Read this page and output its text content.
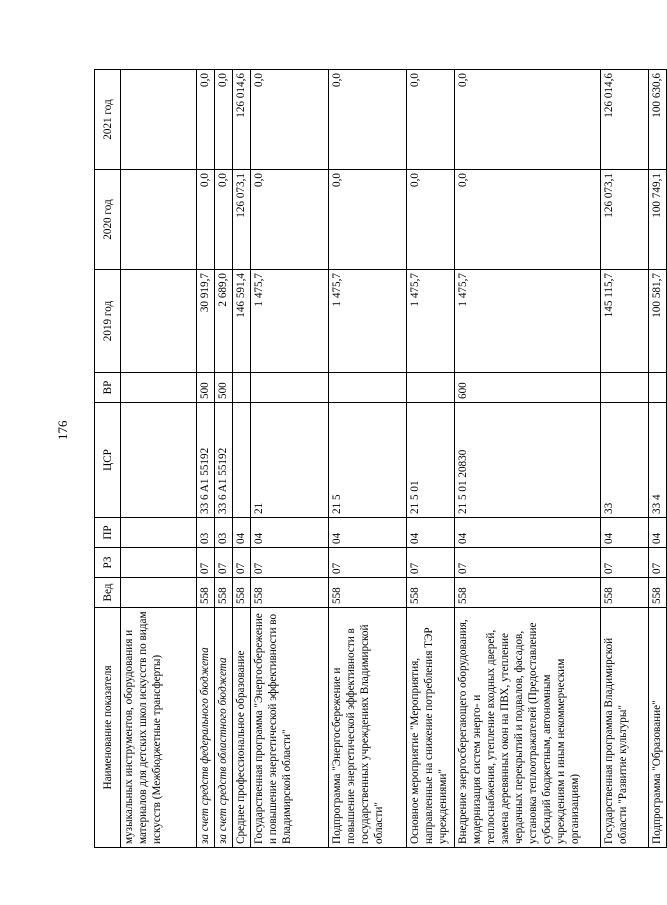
176
Наименование показателя	Вед	РЗ	ПР	ЦСР	ВР	2019 год	2020 год	2021 год
музыкальных инструментов, оборудования и материалов для детских школ искусств по видам искусств (Межбюджетные трансферты)								
за счет средств федерального бюджета	558	07	03	33 6 A1 55192	500	30 919,7	0,0	0,0
за счет средств областного бюджета	558	07	03	33 6 A1 55192	500	2 689,0	0,0	0,0
Среднее профессиональное образование	558	07	04			146 591,4	126 073,1	126 014,6
Государственная программа "Энергосбережение и повышение энергетической эффективности во Владимирской области"	558	07	04	21		1 475,7	0,0	0,0
Подпрограмма "Энергосбережение и повышение энергетической эффективности в государственных учреждениях Владимирской области"	558	07	04	21 5		1 475,7	0,0	0,0
Основное мероприятие "Мероприятия, направленные на снижение потребления ТЭР учреждениями"	558	07	04	21 5 01		1 475,7	0,0	0,0
Внедрение энергосберегающего оборудования, модернизация систем энерго- и теплоснабжения, утепление входных дверей, замена деревянных окон на ПВХ, утепление чердачных перекрытий и подвалов, фасадов, установка теплоотражателей (Предоставление субсидий бюджетным, автономным учреждениям и иным некоммерческим организациям)	558	07	04	21 5 01 20830	600	1 475,7	0,0	0,0
Государственная программа Владимирской области "Развитие культуры"	558	07	04	33		145 115,7	126 073,1	126 014,6
Подпрограмма "Образование"	558	07	04	33 4		100 581,7	100 749,1	100 630,6
